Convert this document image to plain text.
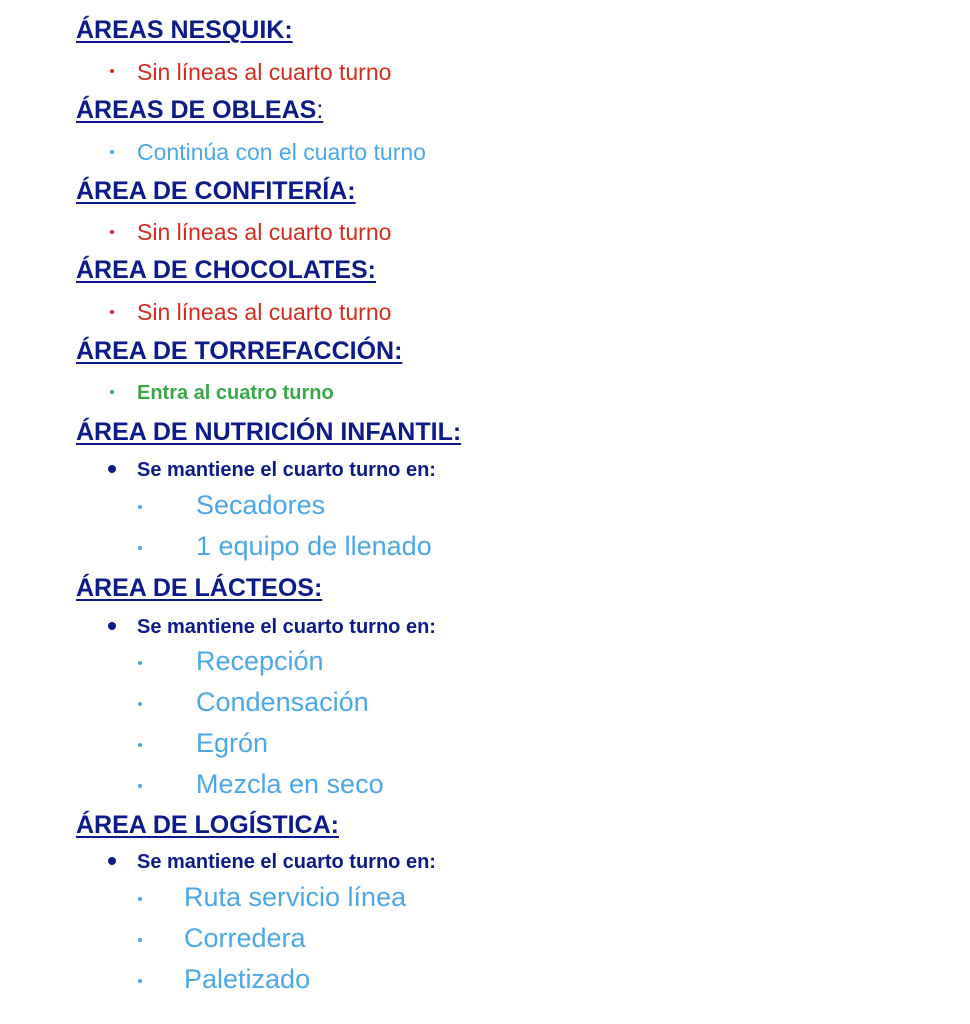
ÁREAS NESQUIK:
Sin líneas al cuarto turno
ÁREAS DE OBLEAS:
Continúa con el cuarto turno
ÁREA DE CONFITERÍA:
Sin líneas al cuarto turno
ÁREA DE CHOCOLATES:
Sin líneas al cuarto turno
ÁREA DE TORREFACCIÓN:
Entra al cuatro turno
ÁREA DE NUTRICIÓN INFANTIL:
Se mantiene el cuarto turno en:
Secadores
1 equipo de llenado
ÁREA DE LÁCTEOS:
Se mantiene el cuarto turno en:
Recepción
Condensación
Egrón
Mezcla en seco
ÁREA DE LOGÍSTICA:
Se mantiene el cuarto turno en:
Ruta servicio línea
Corredera
Paletizado
